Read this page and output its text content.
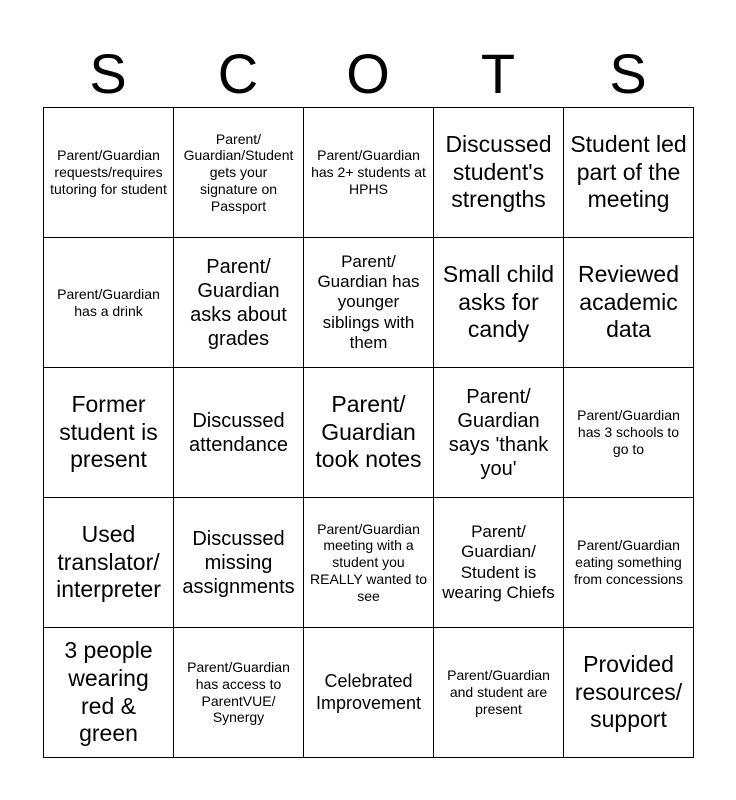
S	C	O	T	S
Parent/Guardian requests/requires tutoring for student	Parent/ Guardian/Student gets your signature on Passport	Parent/Guardian has 2+ students at HPHS	Discussed student's strengths	Student led part of the meeting
Parent/Guardian has a drink	Parent/ Guardian asks about grades	Parent/ Guardian has younger siblings with them	Small child asks for candy	Reviewed academic data
Former student is present	Discussed attendance	Parent/ Guardian took notes	Parent/ Guardian says 'thank you'	Parent/Guardian has 3 schools to go to
Used translator/ interpreter	Discussed missing assignments	Parent/Guardian meeting with a student you REALLY wanted to see	Parent/ Guardian/ Student is wearing Chiefs	Parent/Guardian eating something from concessions
3 people wearing red & green	Parent/Guardian has access to ParentVUE/ Synergy	Celebrated Improvement	Parent/Guardian and student are present	Provided resources/ support
